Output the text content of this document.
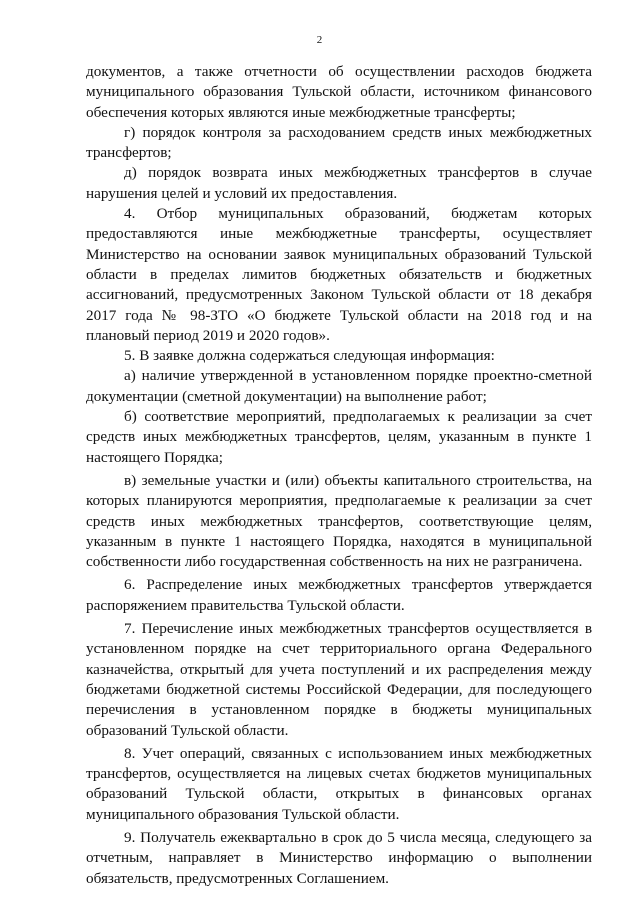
2

документов, а также отчетности об осуществлении расходов бюджета муниципального образования Тульской области, источником финансового обеспечения которых являются иные межбюджетные трансферты;

г) порядок контроля за расходованием средств иных межбюджетных трансфертов;

д) порядок возврата иных межбюджетных трансфертов в случае нарушения целей и условий их предоставления.

4. Отбор муниципальных образований, бюджетам которых предоставляются иные межбюджетные трансферты, осуществляет Министерство на основании заявок муниципальных образований Тульской области в пределах лимитов бюджетных обязательств и бюджетных ассигнований, предусмотренных Законом Тульской области от 18 декабря 2017 года № 98-ЗТО «О бюджете Тульской области на 2018 год и на плановый период 2019 и 2020 годов».

5. В заявке должна содержаться следующая информация:

а) наличие утвержденной в установленном порядке проектно-сметной документации (сметной документации) на выполнение работ;

б) соответствие мероприятий, предполагаемых к реализации за счет средств иных межбюджетных трансфертов, целям, указанным в пункте 1 настоящего Порядка;

в) земельные участки и (или) объекты капитального строительства, на которых планируются мероприятия, предполагаемые к реализации за счет средств иных межбюджетных трансфертов, соответствующие целям, указанным в пункте 1 настоящего Порядка, находятся в муниципальной собственности либо государственная собственность на них не разграничена.

6. Распределение иных межбюджетных трансфертов утверждается распоряжением правительства Тульской области.

7. Перечисление иных межбюджетных трансфертов осуществляется в установленном порядке на счет территориального органа Федерального казначейства, открытый для учета поступлений и их распределения между бюджетами бюджетной системы Российской Федерации, для последующего перечисления в установленном порядке в бюджеты муниципальных образований Тульской области.

8. Учет операций, связанных с использованием иных межбюджетных трансфертов, осуществляется на лицевых счетах бюджетов муниципальных образований Тульской области, открытых в финансовых органах муниципального образования Тульской области.

9. Получатель ежеквартально в срок до 5 числа месяца, следующего за отчетным, направляет в Министерство информацию о выполнении обязательств, предусмотренных Соглашением.
